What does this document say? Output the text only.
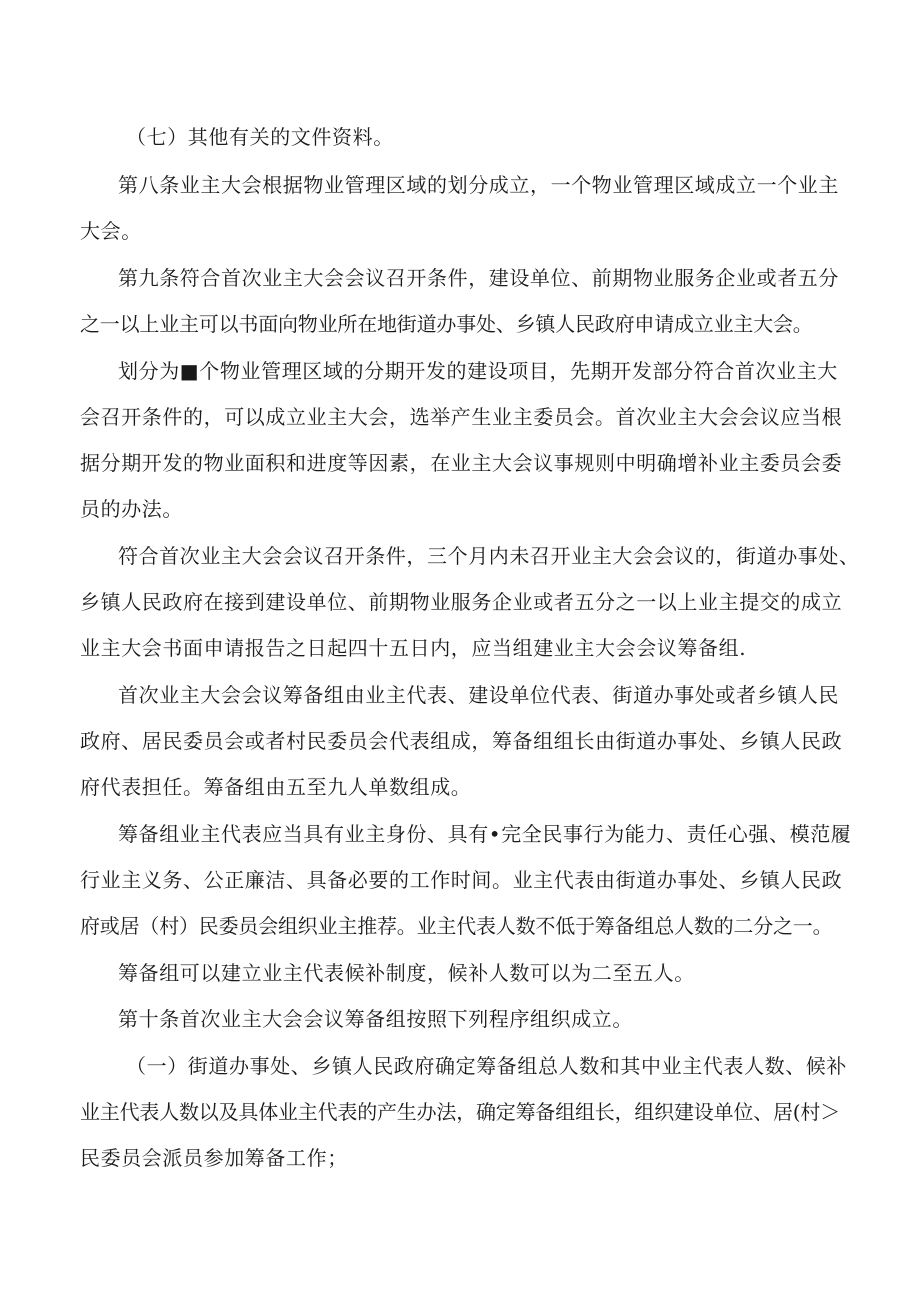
（七）其他有关的文件资料。
第八条业主大会根据物业管理区域的划分成立，一个物业管理区域成立一个业主
大会。
第九条符合首次业主大会会议召开条件，建设单位、前期物业服务企业或者五分
之一以上业主可以书面向物业所在地街道办事处、乡镇人民政府申请成立业主大会。
划分为■个物业管理区域的分期开发的建设项目，先期开发部分符合首次业主大
会召开条件的，可以成立业主大会，选举产生业主委员会。首次业主大会会议应当根
据分期开发的物业面积和进度等因素，在业主大会议事规则中明确增补业主委员会委
员的办法。
符合首次业主大会会议召开条件，三个月内未召开业主大会会议的，街道办事处、
乡镇人民政府在接到建设单位、前期物业服务企业或者五分之一以上业主提交的成立
业主大会书面申请报告之日起四十五日内，应当组建业主大会会议筹备组.
首次业主大会会议筹备组由业主代表、建设单位代表、街道办事处或者乡镇人民
政府、居民委员会或者村民委员会代表组成，筹备组组长由街道办事处、乡镇人民政
府代表担任。筹备组由五至九人单数组成。
筹备组业主代表应当具有业主身份、具有•完全民事行为能力、责任心强、模范履
行业主义务、公正廉洁、具备必要的工作时间。业主代表由街道办事处、乡镇人民政
府或居（村）民委员会组织业主推荐。业主代表人数不低于筹备组总人数的二分之一。
筹备组可以建立业主代表候补制度，候补人数可以为二至五人。
第十条首次业主大会会议筹备组按照下列程序组织成立。
（一）街道办事处、乡镇人民政府确定筹备组总人数和其中业主代表人数、候补
业主代表人数以及具体业主代表的产生办法，确定筹备组组长，组织建设单位、居(村＞
民委员会派员参加筹备工作；
